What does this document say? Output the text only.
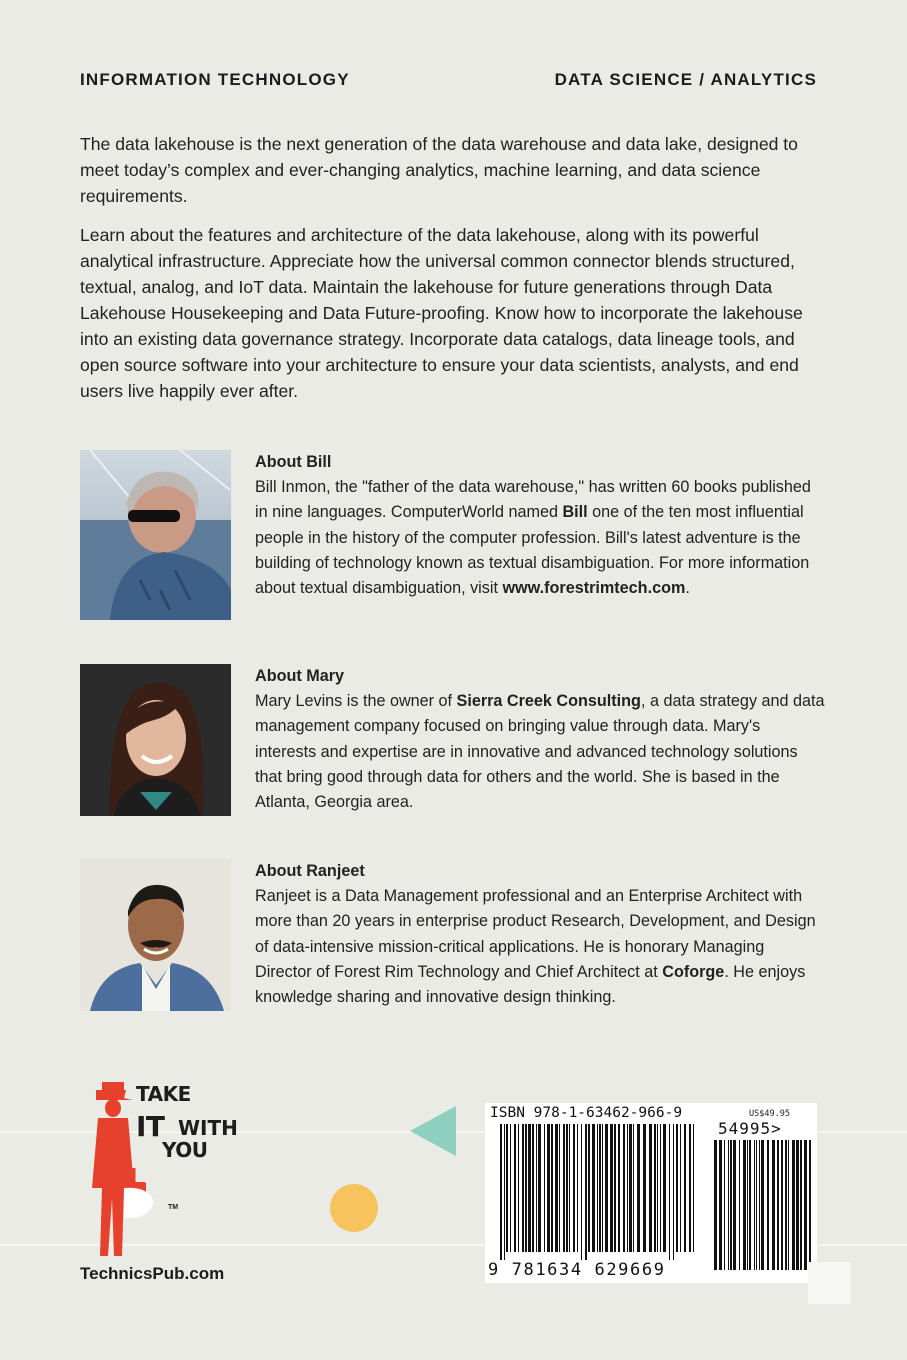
INFORMATION TECHNOLOGY	DATA SCIENCE / ANALYTICS

The data lakehouse is the next generation of the data warehouse and data lake, designed to meet today’s complex and ever-changing analytics, machine learning, and data science requirements.

Learn about the features and architecture of the data lakehouse, along with its powerful analytical infrastructure. Appreciate how the universal common connector blends structured, textual, analog, and IoT data. Maintain the lakehouse for future generations through Data Lakehouse Housekeeping and Data Future-proofing. Know how to incorporate the lakehouse into an existing data governance strategy. Incorporate data catalogs, data lineage tools, and open source software into your architecture to ensure your data scientists, analysts, and end users live happily ever after.

About Bill
Bill Inmon, the "father of the data warehouse," has written 60 books published in nine languages. ComputerWorld named Bill one of the ten most influential people in the history of the computer profession. Bill's latest adventure is the building of technology known as textual disambiguation. For more information about textual disambiguation, visit www.forestrimtech.com.
About Mary
Mary Levins is the owner of Sierra Creek Consulting, a data strategy and data management company focused on bringing value through data. Mary's interests and expertise are in innovative and advanced technology solutions that bring good through data for others and the world. She is based in the Atlanta, Georgia area.
About Ranjeet
Ranjeet is a Data Management professional and an Enterprise Architect with more than 20 years in enterprise product Research, Development, and Design of data-intensive mission-critical applications. He is honorary Managing Director of Forest Rim Technology and Chief Architect at Coforge. He enjoys knowledge sharing and innovative design thinking.
TAKE
IT WITH
YOU
TM
TechnicsPub.com
ISBN 978-1-63462-966-9	US$49.95
54995>
9 781634 629669
